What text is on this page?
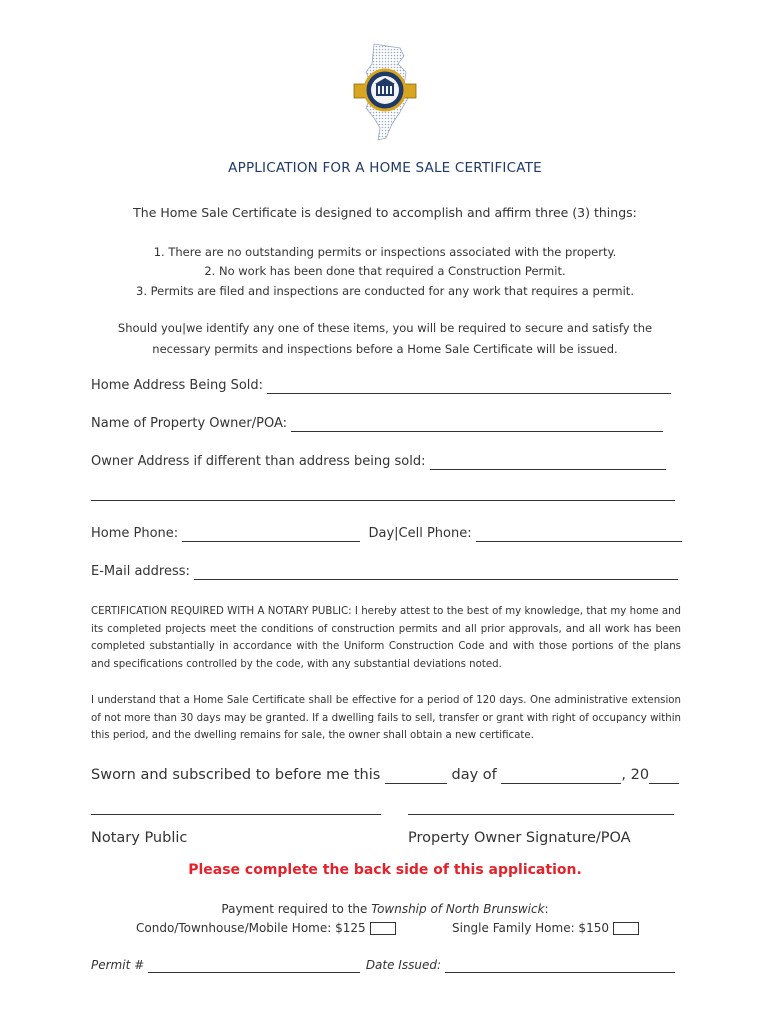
APPLICATION FOR A HOME SALE CERTIFICATE
The Home Sale Certificate is designed to accomplish and affirm three (3) things:
1. There are no outstanding permits or inspections associated with the property.
2. No work has been done that required a Construction Permit.
3. Permits are filed and inspections are conducted for any work that requires a permit.
Should you|we identify any one of these items, you will be required to secure and satisfy the
necessary permits and inspections before a Home Sale Certificate will be issued.
Home Address Being Sold:
Name of Property Owner/POA:
Owner Address if different than address being sold:
Home Phone:	Day|Cell Phone:
E-Mail address:
CERTIFICATION REQUIRED WITH A NOTARY PUBLIC: I hereby attest to the best of my knowledge, that my home and its completed projects meet the conditions of construction permits and all prior approvals, and all work has been completed substantially in accordance with the Uniform Construction Code and with those portions of the plans and specifications controlled by the code, with any substantial deviations noted.
I understand that a Home Sale Certificate shall be effective for a period of 120 days. One administrative extension of not more than 30 days may be granted. If a dwelling fails to sell, transfer or grant with right of occupancy within this period, and the dwelling remains for sale, the owner shall obtain a new certificate.
Sworn and subscribed to before me this	day of	, 20
Notary Public	Property Owner Signature/POA
Please complete the back side of this application.
Payment required to the Township of North Brunswick:
Condo/Townhouse/Mobile Home: $125	Single Family Home: $150
Permit #	Date Issued:
